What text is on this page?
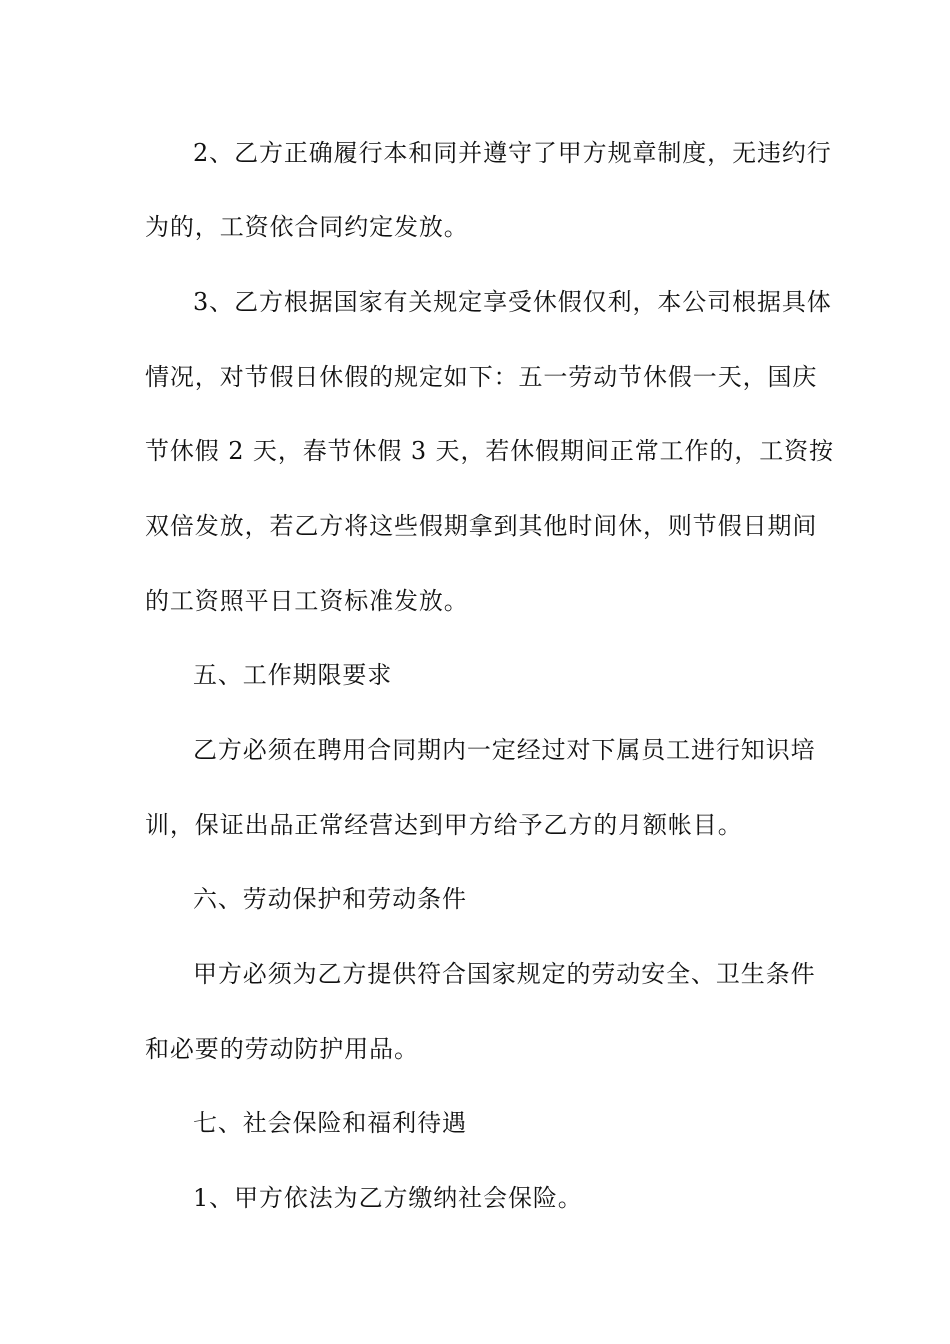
2、乙方正确履行本和同并遵守了甲方规章制度，无违约行
为的，工资依合同约定发放。
3、乙方根据国家有关规定享受休假仅利，本公司根据具体
情况，对节假日休假的规定如下：五一劳动节休假一天，国庆
节休假 2 天，春节休假 3 天，若休假期间正常工作的，工资按
双倍发放，若乙方将这些假期拿到其他时间休，则节假日期间
的工资照平日工资标准发放。
五、工作期限要求
乙方必须在聘用合同期内一定经过对下属员工进行知识培
训，保证出品正常经营达到甲方给予乙方的月额帐目。
六、劳动保护和劳动条件
甲方必须为乙方提供符合国家规定的劳动安全、卫生条件
和必要的劳动防护用品。
七、社会保险和福利待遇
1、甲方依法为乙方缴纳社会保险。
